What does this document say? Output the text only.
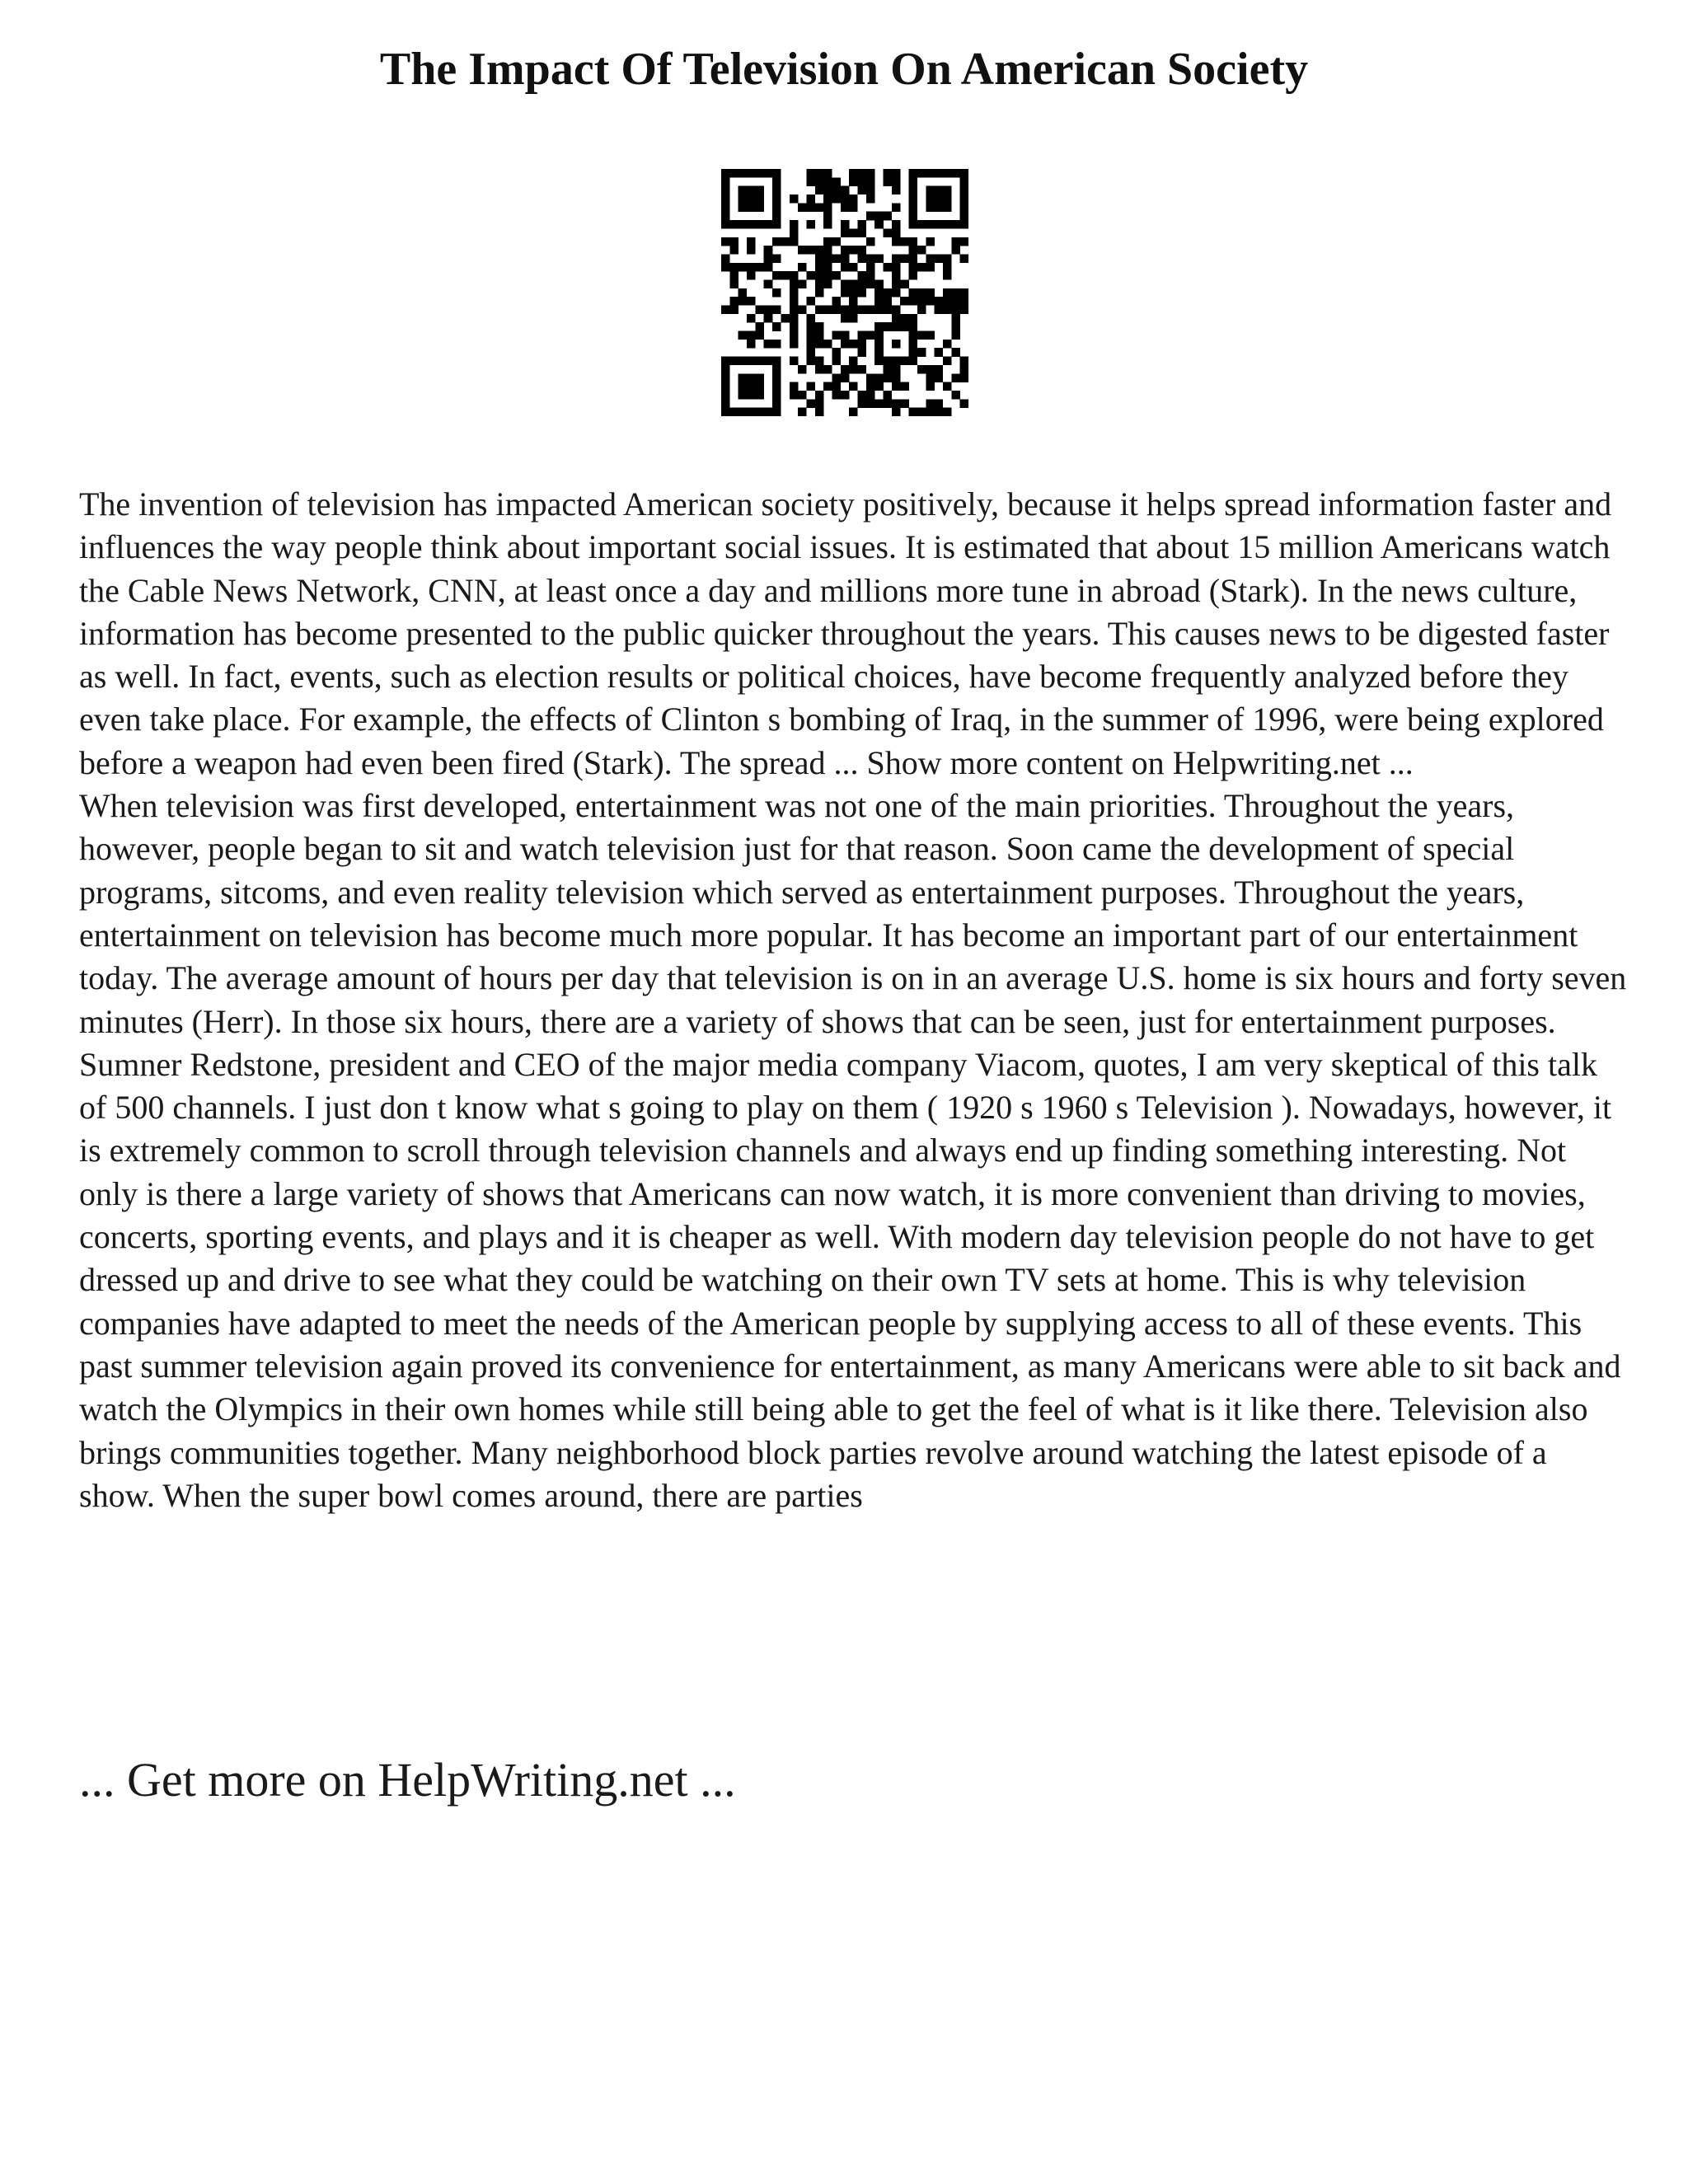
The Impact Of Television On American Society

The invention of television has impacted American society positively, because it helps spread information faster and influences the way people think about important social issues. It is estimated that about 15 million Americans watch the Cable News Network, CNN, at least once a day and millions more tune in abroad (Stark). In the news culture, information has become presented to the public quicker throughout the years. This causes news to be digested faster as well. In fact, events, such as election results or political choices, have become frequently analyzed before they even take place. For example, the effects of Clinton s bombing of Iraq, in the summer of 1996, were being explored before a weapon had even been fired (Stark). The spread ... Show more content on Helpwriting.net ...

When television was first developed, entertainment was not one of the main priorities. Throughout the years, however, people began to sit and watch television just for that reason. Soon came the development of special programs, sitcoms, and even reality television which served as entertainment purposes. Throughout the years, entertainment on television has become much more popular. It has become an important part of our entertainment today. The average amount of hours per day that television is on in an average U.S. home is six hours and forty seven minutes (Herr). In those six hours, there are a variety of shows that can be seen, just for entertainment purposes. Sumner Redstone, president and CEO of the major media company Viacom, quotes, I am very skeptical of this talk of 500 channels. I just don t know what s going to play on them ( 1920 s 1960 s Television ). Nowadays, however, it is extremely common to scroll through television channels and always end up finding something interesting. Not only is there a large variety of shows that Americans can now watch, it is more convenient than driving to movies, concerts, sporting events, and plays and it is cheaper as well. With modern day television people do not have to get dressed up and drive to see what they could be watching on their own TV sets at home. This is why television companies have adapted to meet the needs of the American people by supplying access to all of these events. This past summer television again proved its convenience for entertainment, as many Americans were able to sit back and watch the Olympics in their own homes while still being able to get the feel of what is it like there. Television also brings communities together. Many neighborhood block parties revolve around watching the latest episode of a show. When the super bowl comes around, there are parties

... Get more on HelpWriting.net ...
